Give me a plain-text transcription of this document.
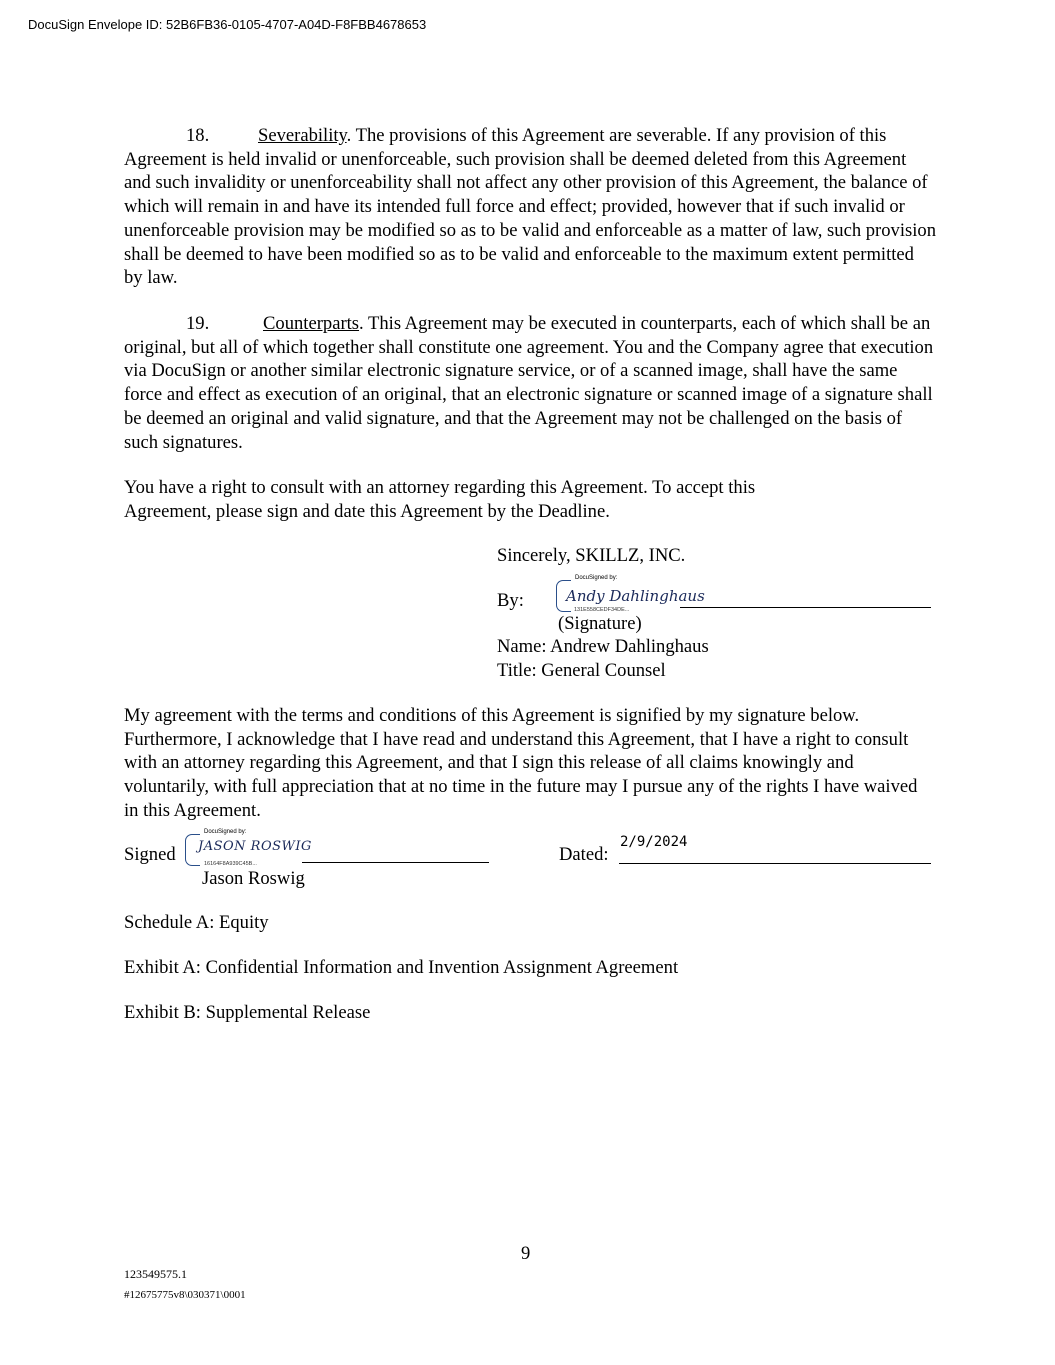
DocuSign Envelope ID: 52B6FB36-0105-4707-A04D-F8FBB4678653
18.	Severability. The provisions of this Agreement are severable. If any provision of this Agreement is held invalid or unenforceable, such provision shall be deemed deleted from this Agreement and such invalidity or unenforceability shall not affect any other provision of this Agreement, the balance of which will remain in and have its intended full force and effect; provided, however that if such invalid or unenforceable provision may be modified so as to be valid and enforceable as a matter of law, such provision shall be deemed to have been modified so as to be valid and enforceable to the maximum extent permitted by law.
19.	Counterparts. This Agreement may be executed in counterparts, each of which shall be an original, but all of which together shall constitute one agreement. You and the Company agree that execution via DocuSign or another similar electronic signature service, or of a scanned image, shall have the same force and effect as execution of an original, that an electronic signature or scanned image of a signature shall be deemed an original and valid signature, and that the Agreement may not be challenged on the basis of such signatures.
You have a right to consult with an attorney regarding this Agreement. To accept this Agreement, please sign and date this Agreement by the Deadline.
Sincerely, SKILLZ, INC.
By:
DocuSigned by:
Andy Dahlinghaus
131E558CEDF34DE...
(Signature)
Name: Andrew Dahlinghaus
Title: General Counsel
My agreement with the terms and conditions of this Agreement is signified by my signature below. Furthermore, I acknowledge that I have read and understand this Agreement, that I have a right to consult with an attorney regarding this Agreement, and that I sign this release of all claims knowingly and voluntarily, with full appreciation that at no time in the future may I pursue any of the rights I have waived in this Agreement.
Signed
DocuSigned by:
JASON ROSWIG
16164F8A939C45B...
Jason Roswig
Dated:
2/9/2024
Schedule A: Equity
Exhibit A: Confidential Information and Invention Assignment Agreement
Exhibit B: Supplemental Release
9
123549575.1
#12675775v8\030371\0001
